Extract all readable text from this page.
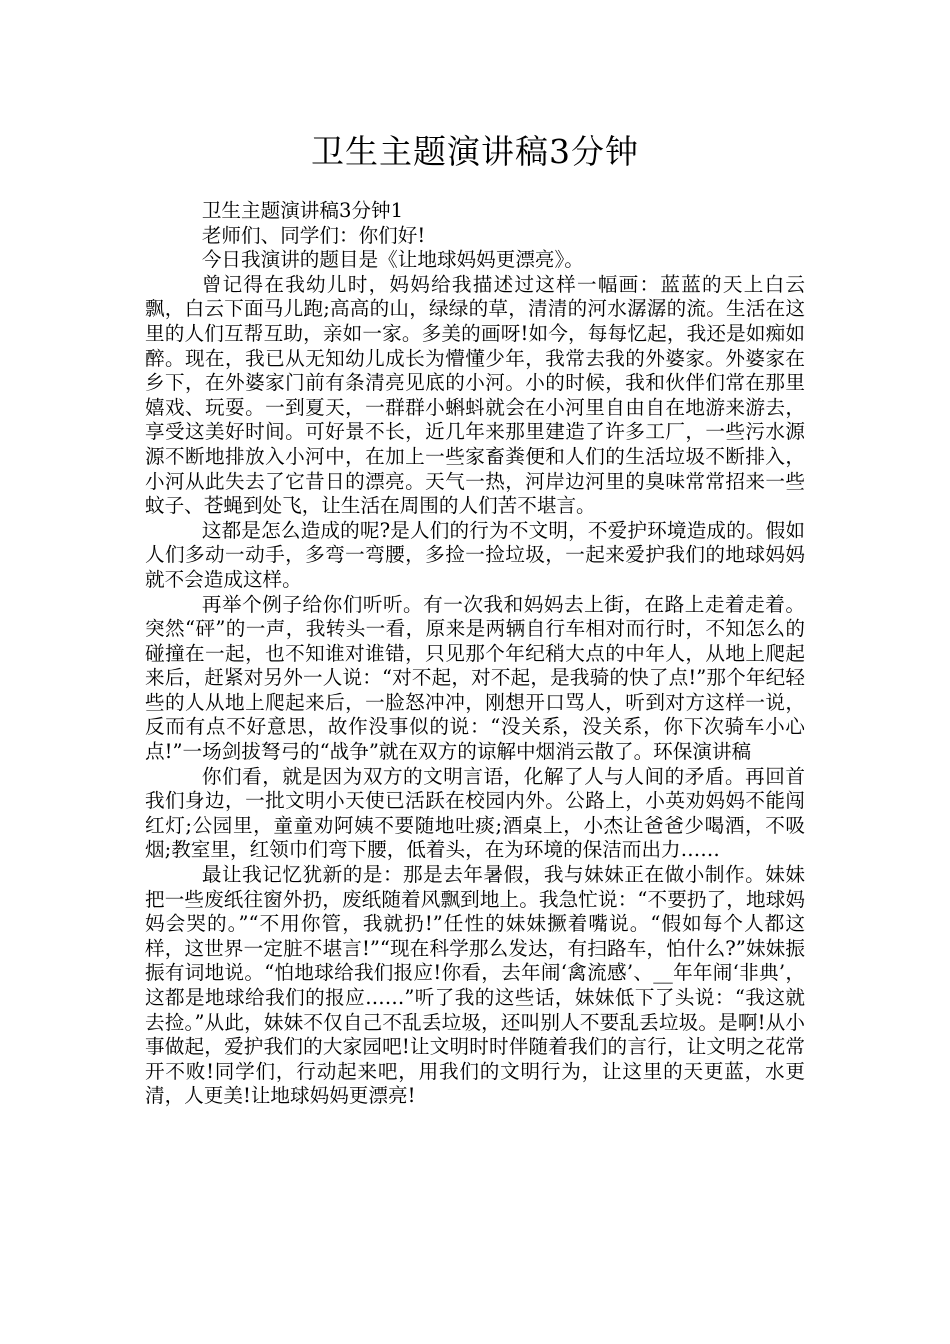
卫生主题演讲稿3分钟

卫生主题演讲稿3分钟1

老师们、同学们：你们好!

今日我演讲的题目是《让地球妈妈更漂亮》。

曾记得在我幼儿时，妈妈给我描述过这样一幅画：蓝蓝的天上白云飘，白云下面马儿跑;高高的山，绿绿的草，清清的河水潺潺的流。生活在这里的人们互帮互助，亲如一家。多美的画呀!如今，每每忆起，我还是如痴如醉。现在，我已从无知幼儿成长为懵懂少年，我常去我的外婆家。外婆家在乡下，在外婆家门前有条清亮见底的小河。小的时候，我和伙伴们常在那里嬉戏、玩耍。一到夏天，一群群小蝌蚪就会在小河里自由自在地游来游去，享受这美好时间。可好景不长，近几年来那里建造了许多工厂，一些污水源源不断地排放入小河中，在加上一些家畜粪便和人们的生活垃圾不断排入，小河从此失去了它昔日的漂亮。天气一热，河岸边河里的臭味常常招来一些蚊子、苍蝇到处飞，让生活在周围的人们苦不堪言。

这都是怎么造成的呢?是人们的行为不文明，不爱护环境造成的。假如人们多动一动手，多弯一弯腰，多捡一捡垃圾，一起来爱护我们的地球妈妈就不会造成这样。

再举个例子给你们听听。有一次我和妈妈去上街，在路上走着走着。突然“砰”的一声，我转头一看，原来是两辆自行车相对而行时，不知怎么的碰撞在一起，也不知谁对谁错，只见那个年纪稍大点的中年人，从地上爬起来后，赶紧对另外一人说：“对不起，对不起，是我骑的快了点!”那个年纪轻些的人从地上爬起来后，一脸怒冲冲，刚想开口骂人，听到对方这样一说，反而有点不好意思，故作没事似的说：“没关系，没关系，你下次骑车小心点!”一场剑拔弩弓的“战争”就在双方的谅解中烟消云散了。环保演讲稿

你们看，就是因为双方的文明言语，化解了人与人间的矛盾。再回首我们身边，一批文明小天使已活跃在校园内外。公路上，小英劝妈妈不能闯红灯;公园里，童童劝阿姨不要随地吐痰;酒桌上，小杰让爸爸少喝酒，不吸烟;教室里，红领巾们弯下腰，低着头，在为环境的保洁而出力……

最让我记忆犹新的是：那是去年暑假，我与妹妹正在做小制作。妹妹把一些废纸往窗外扔，废纸随着风飘到地上。我急忙说：“不要扔了，地球妈妈会哭的。”“不用你管，我就扔!”任性的妹妹撅着嘴说。“假如每个人都这样，这世界一定脏不堪言!”“现在科学那么发达，有扫路车，怕什么?”妹妹振振有词地说。“怕地球给我们报应!你看，去年闹‘禽流感’、__年年闹‘非典’，这都是地球给我们的报应……”听了我的这些话，妹妹低下了头说：“我这就去捡。”从此，妹妹不仅自己不乱丢垃圾，还叫别人不要乱丢垃圾。是啊!从小事做起，爱护我们的大家园吧!让文明时时伴随着我们的言行，让文明之花常开不败!同学们，行动起来吧，用我们的文明行为，让这里的天更蓝，水更清，人更美!让地球妈妈更漂亮!
